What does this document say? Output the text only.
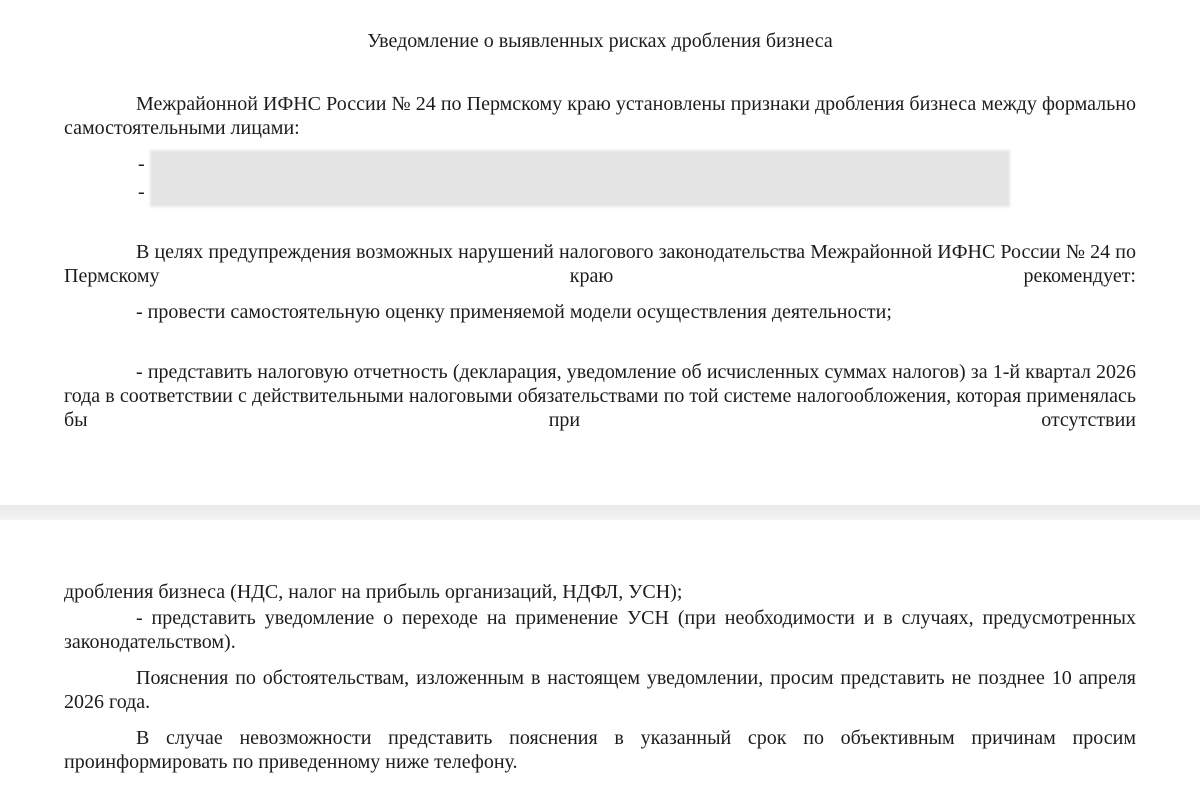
Уведомление о выявленных рисках дробления бизнеса

Межрайонной ИФНС России № 24 по Пермскому краю установлены признаки дробления бизнеса между формально самостоятельными лицами:

-
-

В целях предупреждения возможных нарушений налогового законодательства Межрайонной ИФНС России № 24 по Пермскому краю рекомендует:

- провести самостоятельную оценку применяемой модели осуществления деятельности;

- представить налоговую отчетность (декларация, уведомление об исчисленных суммах налогов) за 1-й квартал 2026 года в соответствии с действительными налоговыми обязательствами по той системе налогообложения, которая применялась бы при отсутствии

дробления бизнеса (НДС, налог на прибыль организаций, НДФЛ, УСН);

- представить уведомление о переходе на применение УСН (при необходимости и в случаях, предусмотренных законодательством).

Пояснения по обстоятельствам, изложенным в настоящем уведомлении, просим представить не позднее 10 апреля 2026 года.

В случае невозможности представить пояснения в указанный срок по объективным причинам просим проинформировать по приведенному ниже телефону.
